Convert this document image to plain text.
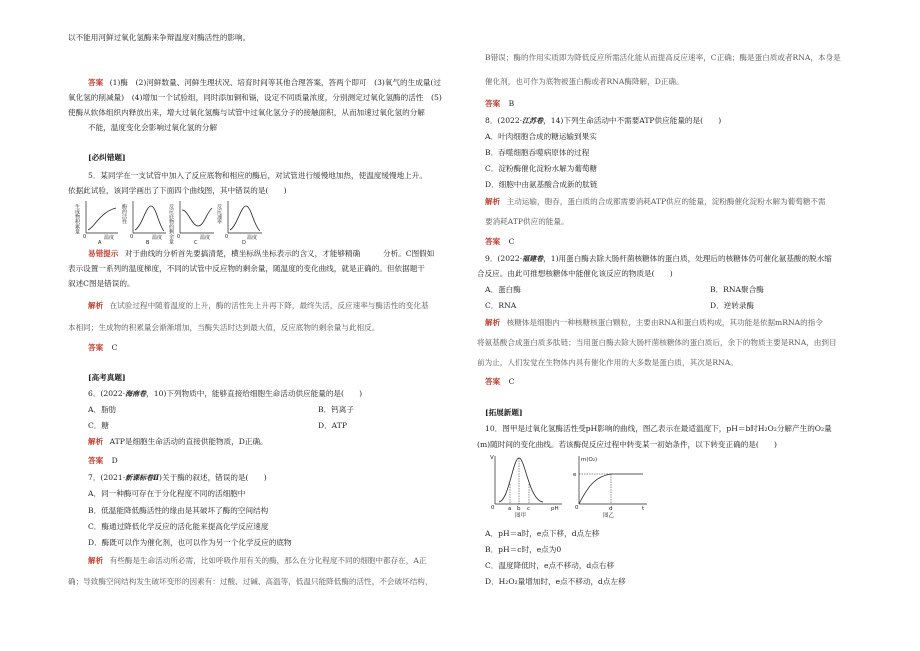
以不能用河鲜过氧化氢酶来争辩温度对酶活性的影响。
答案 (1)酶　(2)河鲜数量、河鲜生理状况、培育时间等其他合理答案，答两个即可　(3)氧气的生成量(过
氧化氢的削减量)　(4)增加一个试验组，同时添加铜和镉，设定不同质量浓度，分别测定过氧化氢酶的活性　(5)
使酶从软体组织内释放出来，增大过氧化氢酶与试管中过氧化氢分子的接触面积，从而加速过氧化氢的分解
不能，温度变化会影响过氧化氢的分解
[必纠错题]
5．某同学在一支试管中加入了反应底物和相应的酶后，对试管进行缓慢地加热，使温度缓慢地上升。
依据此试验，该同学画出了下面四个曲线图，其中错误的是(　　)
生成物积累量
0	温度
A
酶的活性
0	温度
B	反应底物的剩余量 0	温度
C
反应速率
0	温度
D
易错提示 对于曲线的分析首先要搞清楚，横坐标纵坐标表示的含义，才能够精确　　　分析。C图假如
表示设置一系列的温度梯度，不同的试管中反应物的剩余量，随温度的变化曲线，就是正确的。但依据题干
叙述C图是错误的。
解析 在试验过程中随着温度的上升，酶的活性先上升再下降，最终失活，反应速率与酶活性的变化基
本相同；生成物的积累量会渐渐增加，当酶失活时达到最大值，反应底物的剩余量与此相反。
答案 C
[高考真题]
6．(2022·海南卷，10)下列物质中，能够直接给细胞生命活动供应能量的是(　　)
A．脂肪	B．钙离子
C．糖	D．ATP
解析 ATP是细胞生命活动的直接供能物质，D正确。
答案 D
7．(2021·新课标卷Ⅱ)关于酶的叙述，错误的是(　　)
A．同一种酶可存在于分化程度不同的活细胞中
B．低温能降低酶活性的缘由是其破坏了酶的空间结构
C．酶通过降低化学反应的活化能来提高化学反应速度
D．酶既可以作为催化剂，也可以作为另一个化学反应的底物
解析 有些酶是生命活动所必需，比如呼吸作用有关的酶，那么在分化程度不同的细胞中都存在，A正
确；导致酶空间结构发生破坏变形的因素有：过酸、过碱、高温等，低温只能降低酶的活性，不会破坏结构，
B错误；酶的作用实质即为降低反应所需活化能从而提高反应速率，C正确；酶是蛋白质或者RNA，本身是
催化剂，也可作为底物被蛋白酶或者RNA酶降解，D正确。
答案 B
8．(2022·江苏卷，14)下列生命活动中不需要ATP供应能量的是(　　)
A．叶肉细胞合成的糖运输到果实
B．吞噬细胞吞噬病原体的过程
C．淀粉酶催化淀粉水解为葡萄糖
D．细胞中由氨基酸合成新的肽链
解析 主动运输，胞吞，蛋白质的合成都需要消耗ATP供应的能量，淀粉酶催化淀粉水解为葡萄糖不需
要消耗ATP供应的能量。
答案 C
9．(2022·福建卷，1)用蛋白酶去除大肠杆菌核糖体的蛋白质，处理后的核糖体仍可催化氨基酸的脱水缩
合反应。由此可推想核糖体中能催化该反应的物质是(　　)
A．蛋白酶	B．RNA聚合酶
C．RNA	D．逆转录酶
解析 核糖体是细胞内一种核糖核蛋白颗粒，主要由RNA和蛋白质构成，其功能是依据mRNA的指令
将氨基酸合成蛋白质多肽链；当用蛋白酶去除大肠杆菌核糖体的蛋白质后，余下的物质主要是RNA，由到目
前为止，人们发觉在生物体内具有催化作用的大多数是蛋白质，其次是RNA。
答案 C
[拓展新题]
10．图甲是过氧化氢酶活性受pH影响的曲线，图乙表示在最适温度下，pH＝b时H₂O₂分解产生的O₂量
(m)随时间的变化曲线。若该酶促反应过程中转变某一初始条件，以下转变正确的是(　　)
V
0 a b c	pH
图甲
m(O₂)
e
0	d	t
图乙
A．pH＝a时，e点下移，d点左移
B．pH＝c时，e点为0
C．温度降低时，e点不移动，d点右移
D．H₂O₂量增加时，e点不移动，d点左移
